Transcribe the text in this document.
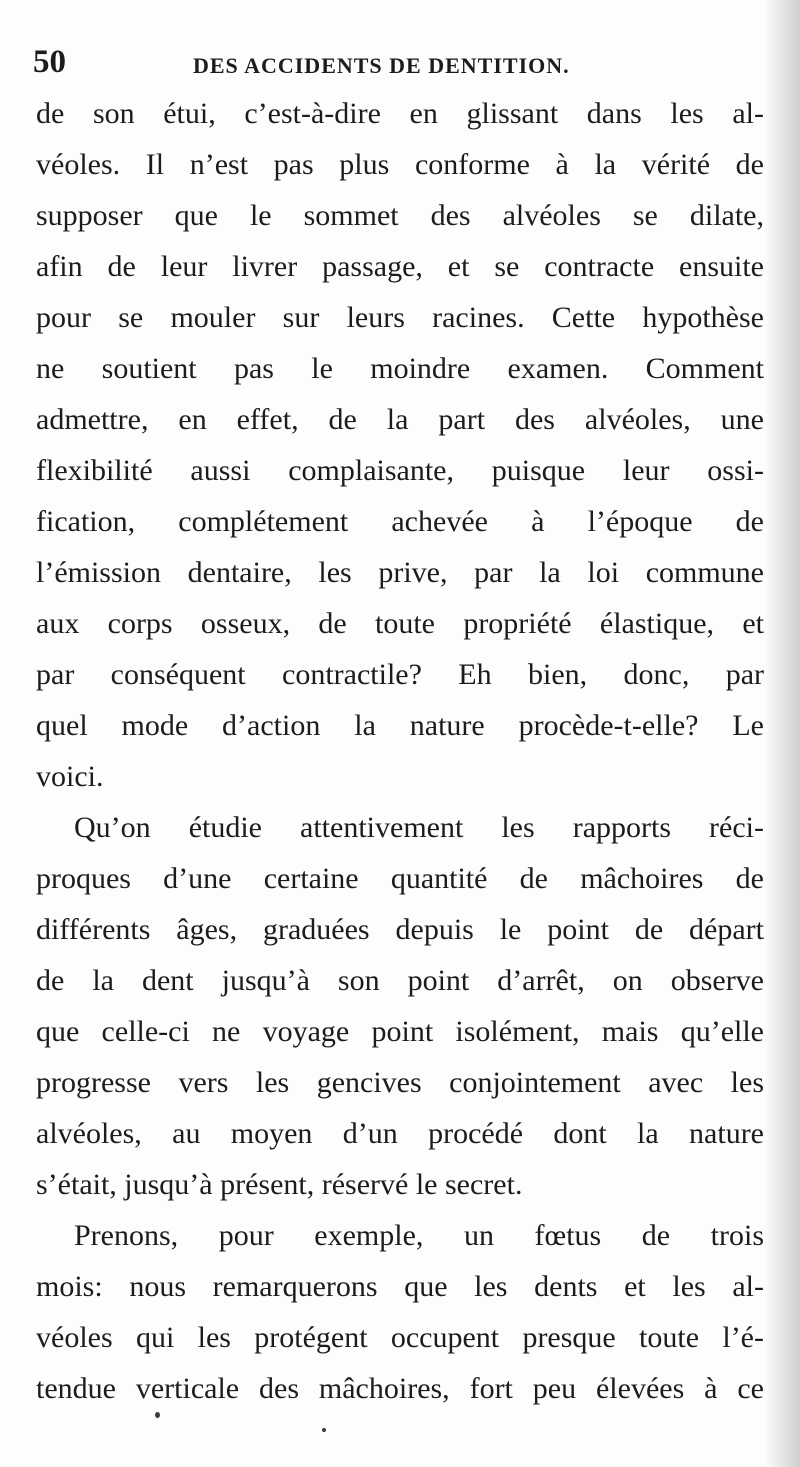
50	DES ACCIDENTS DE DENTITION.
de son étui, c’est-à-dire en glissant dans les al-
véoles. Il n’est pas plus conforme à la vérité de
supposer que le sommet des alvéoles se dilate,
afin de leur livrer passage, et se contracte ensuite
pour se mouler sur leurs racines. Cette hypothèse
ne soutient pas le moindre examen. Comment
admettre, en effet, de la part des alvéoles, une
flexibilité aussi complaisante, puisque leur ossi-
fication, complétement achevée à l’époque de
l’émission dentaire, les prive, par la loi commune
aux corps osseux, de toute propriété élastique, et
par conséquent contractile? Eh bien, donc, par
quel mode d’action la nature procède-t-elle? Le
voici.
Qu’on étudie attentivement les rapports réci-
proques d’une certaine quantité de mâchoires de
différents âges, graduées depuis le point de départ
de la dent jusqu’à son point d’arrêt, on observe
que celle-ci ne voyage point isolément, mais qu’elle
progresse vers les gencives conjointement avec les
alvéoles, au moyen d’un procédé dont la nature
s’était, jusqu’à présent, réservé le secret.
Prenons, pour exemple, un fœtus de trois
mois: nous remarquerons que les dents et les al-
véoles qui les protégent occupent presque toute l’é-
tendue verticale des mâchoires, fort peu élevées à ce
